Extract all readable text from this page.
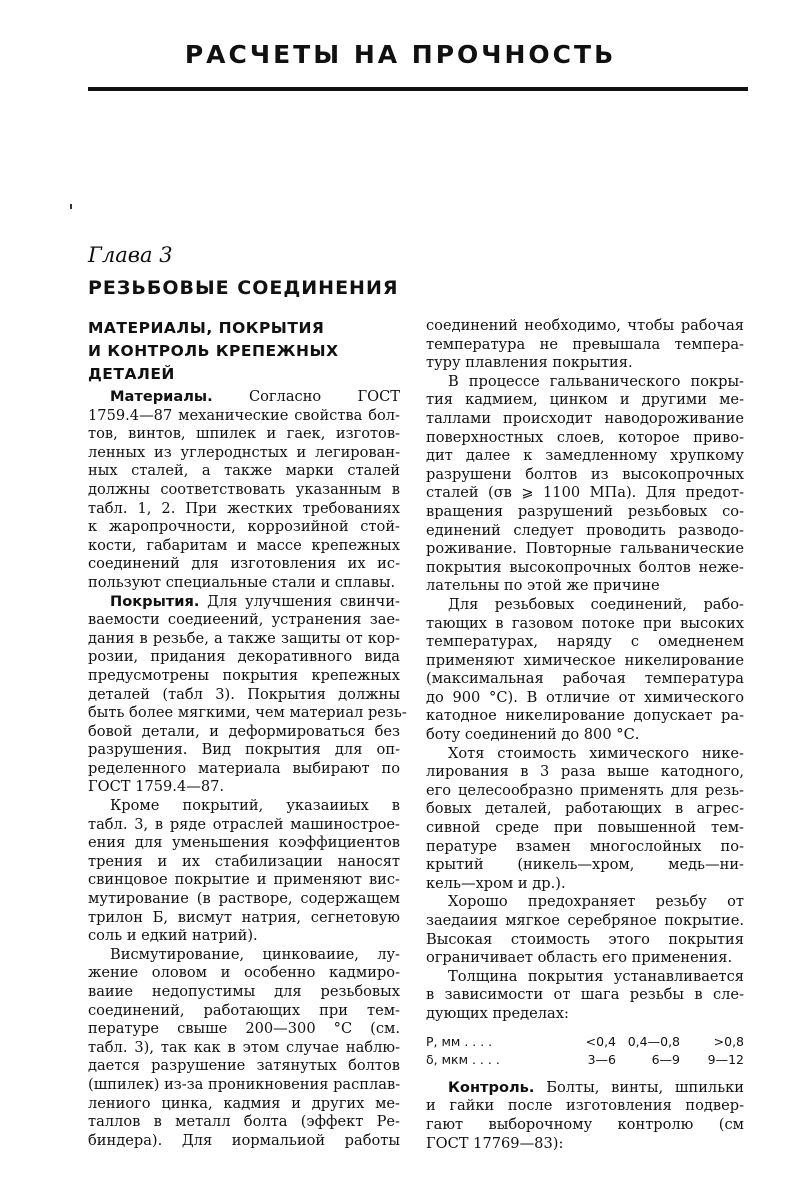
РАСЧЕТЫ НА ПРОЧНОСТЬ
Глава 3
РЕЗЬБОВЫЕ СОЕДИНЕНИЯ
МАТЕРИАЛЫ, ПОКРЫТИЯ
И КОНТРОЛЬ КРЕПЕЖНЫХ
ДЕТАЛЕЙ
Материалы. Согласно ГОСТ
1759.4—87 механические свойства бол-
тов, винтов, шпилек и гаек, изготов-
ленных из углероднстых и легирован-
ных сталей, а также марки сталей
должны соответствовать указанным в
табл. 1, 2. При жестких требованиях
к жаропрочности, коррозийной стой-
кости, габаритам и массе крепежных
соединений для изготовления их ис-
пользуют специальные стали и сплавы.
Покрытия. Для улучшения свинчи-
ваемости соедиеений, устранения зае-
дания в резьбе, а также защиты от кор-
розии, придания декоративного вида
предусмотрены покрытия крепежных
деталей (табл 3). Покрытия должны
быть более мягкими, чем материал резь-
бовой детали, и деформироваться без
разрушения. Вид покрытия для оп-
ределенного материала выбирают по
ГОСТ 1759.4—87.
Кроме покрытий, указаииых в
табл. 3, в ряде отраслей машинострое-
ения для уменьшения коэффициентов
трения и их стабилизации наносят
свинцовое покрытие и применяют вис-
мутирование (в растворе, содержащем
трилон Б, висмут натрия, сегнетовую
соль и едкий натрий).
Висмутирование, цинковаиие, лу-
жение оловом и особенно кадмиро-
ваиие недопустимы для резьбовых
соединений, работающих при тем-
пературе свыше 200—300 °С (см.
табл. 3), так как в этом случае наблю-
дается разрушение затянутых болтов
(шпилек) из-за проникновения расплав-
лениого цинка, кадмия и других ме-
таллов в металл болта (эффект Ре-
биндера). Для иормальиой работы
соединений необходимо, чтобы рабочая
температура не превышала темпера-
туру плавления покрытия.
В процессе гальванического покры-
тия кадмием, цинком и другими ме-
таллами происходит наводороживание
поверхностных слоев, которое приво-
дит далее к замедленному хрупкому
разрушени болтов из высокопрочных
сталей (σв ⩾ 1100 МПа). Для предот-
вращения разрушений резьбовых со-
единений следует проводить разводо-
роживание. Повторные гальванические
покрытия высокопрочных болтов неже-
лательны по этой же причине
Для резьбовых соединений, рабо-
тающих в газовом потоке при высоких
температурах, наряду с омедненем
применяют химическое никелирование
(максимальная рабочая температура
до 900 °С). В отличие от химического
катодное никелирование допускает ра-
боту соединений до 800 °С.
Хотя стоимость химического нике-
лирования в 3 раза выше катодного,
его целесообразно применять для резь-
бовых деталей, работающих в агрес-
сивной среде при повышенной тем-
пературе взамен многослойных по-
крытий (никель—хром, медь—ни-
кель—хром и др.).
Хорошо предохраняет резьбу от
заедаиия мягкое серебряное покрытие.
Высокая стоимость этого покрытия
ограничивает область его применения.
Толщина покрытия устанавливается
в зависимости от шага резьбы в сле-
дующих пределах:
Р, мм . . . .	<0,4	0,4—0,8	>0,8
δ, мкм . . . .	3—6	6—9	9—12
Контроль. Болты, винты, шпильки
и гайки после изготовления подвер-
гают выборочному контролю (см
ГОСТ 17769—83):
